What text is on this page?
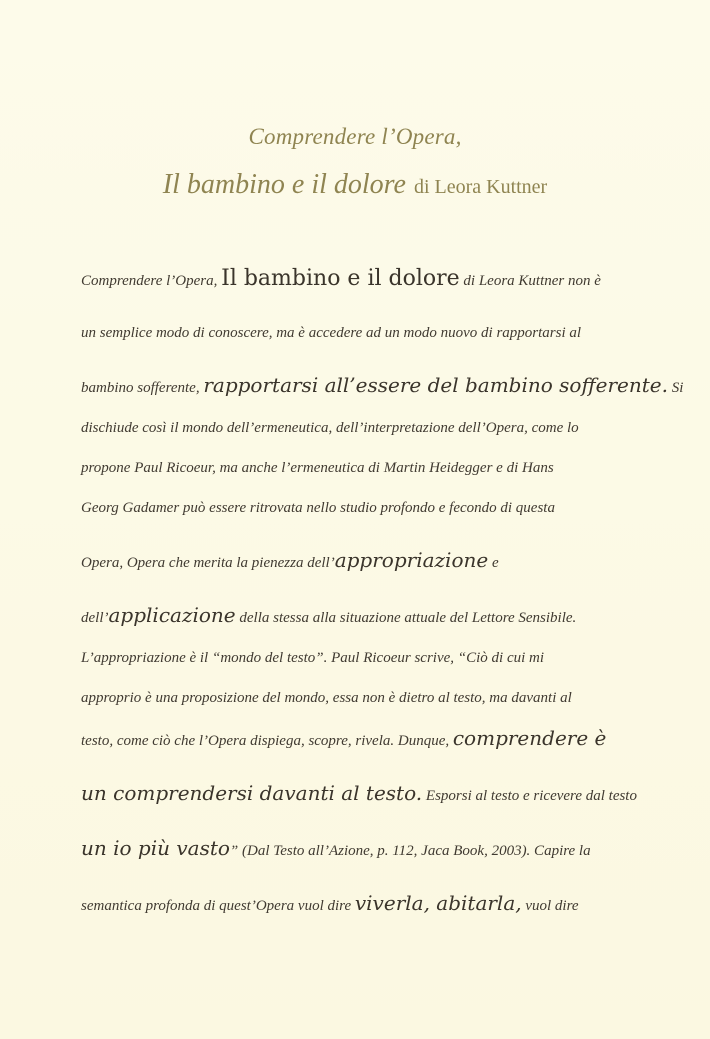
Comprendere l’Opera,
Il bambino e il dolore di Leora Kuttner
Comprendere l’Opera, Il bambino e il dolore di Leora Kuttner non è
un semplice modo di conoscere, ma è accedere ad un modo nuovo di rapportarsi al
bambino sofferente, rapportarsi all’essere del bambino sofferente. Si
dischiude così il mondo dell’ermeneutica, dell’interpretazione dell’Opera, come lo
propone Paul Ricoeur, ma anche l’ermeneutica di Martin Heidegger e di Hans
Georg Gadamer può essere ritrovata nello studio profondo e fecondo di questa
Opera, Opera che merita la pienezza dell’appropriazione e
dell’applicazione della stessa alla situazione attuale del Lettore Sensibile.
L’appropriazione è il “mondo del testo”. Paul Ricoeur scrive, “Ciò di cui mi
approprio è una proposizione del mondo, essa non è dietro al testo, ma davanti al
testo, come ciò che l’Opera dispiega, scopre, rivela. Dunque, comprendere è
un comprendersi davanti al testo. Esporsi al testo e ricevere dal testo
un io più vasto” (Dal Testo all’Azione, p. 112, Jaca Book, 2003). Capire la
semantica profonda di quest’Opera vuol dire viverla, abitarla, vuol dire
